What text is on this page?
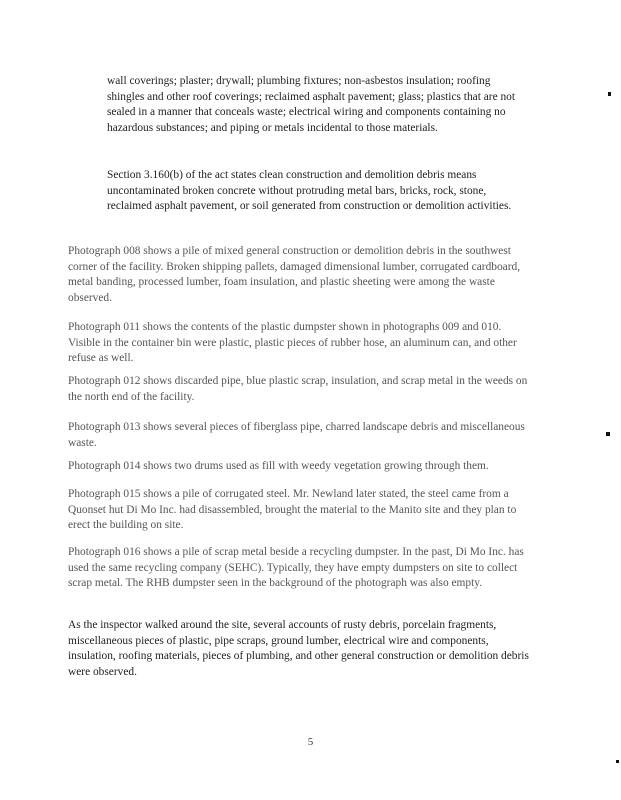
wall coverings; plaster; drywall; plumbing fixtures; non-asbestos insulation; roofing shingles and other roof coverings; reclaimed asphalt pavement; glass; plastics that are not sealed in a manner that conceals waste; electrical wiring and components containing no hazardous substances; and piping or metals incidental to those materials.

Section 3.160(b) of the act states clean construction and demolition debris means uncontaminated broken concrete without protruding metal bars, bricks, rock, stone, reclaimed asphalt pavement, or soil generated from construction or demolition activities.

Photograph 008 shows a pile of mixed general construction or demolition debris in the southwest corner of the facility. Broken shipping pallets, damaged dimensional lumber, corrugated cardboard, metal banding, processed lumber, foam insulation, and plastic sheeting were among the waste observed.

Photograph 011 shows the contents of the plastic dumpster shown in photographs 009 and 010. Visible in the container bin were plastic, plastic pieces of rubber hose, an aluminum can, and other refuse as well.

Photograph 012 shows discarded pipe, blue plastic scrap, insulation, and scrap metal in the weeds on the north end of the facility.

Photograph 013 shows several pieces of fiberglass pipe, charred landscape debris and miscellaneous waste.

Photograph 014 shows two drums used as fill with weedy vegetation growing through them.

Photograph 015 shows a pile of corrugated steel. Mr. Newland later stated, the steel came from a Quonset hut Di Mo Inc. had disassembled, brought the material to the Manito site and they plan to erect the building on site.

Photograph 016 shows a pile of scrap metal beside a recycling dumpster. In the past, Di Mo Inc. has used the same recycling company (SEHC). Typically, they have empty dumpsters on site to collect scrap metal. The RHB dumpster seen in the background of the photograph was also empty.

As the inspector walked around the site, several accounts of rusty debris, porcelain fragments, miscellaneous pieces of plastic, pipe scraps, ground lumber, electrical wire and components, insulation, roofing materials, pieces of plumbing, and other general construction or demolition debris were observed.

5
